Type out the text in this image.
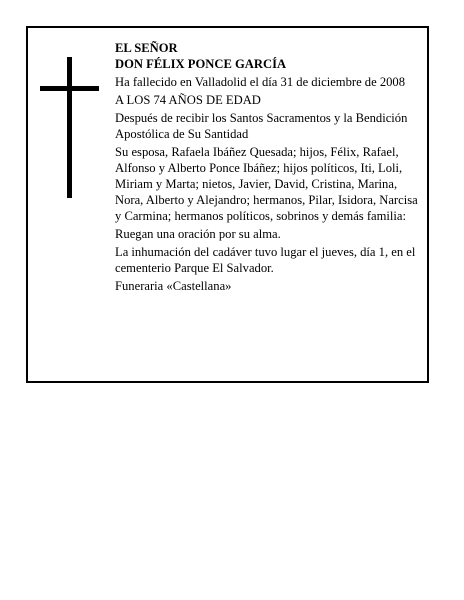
EL SEÑOR

DON FÉLIX PONCE GARCÍA

Ha fallecido en Valladolid el día 31 de diciembre de 2008

A LOS 74 AÑOS DE EDAD

Después de recibir los Santos Sacramentos y la Bendición Apostólica de Su Santidad

Su esposa, Rafaela Ibáñez Quesada; hijos, Félix, Rafael, Alfonso y Alberto Ponce Ibáñez; hijos políticos, Iti, Loli, Miriam y Marta; nietos, Javier, David, Cristina, Marina, Nora, Alberto y Alejandro; hermanos, Pilar, Isidora, Narcisa y Carmina; hermanos políticos, sobrinos y demás familia:

Ruegan una oración por su alma.

La inhumación del cadáver tuvo lugar el jueves, día 1, en el cementerio Parque El Salvador.

Funeraria «Castellana»
